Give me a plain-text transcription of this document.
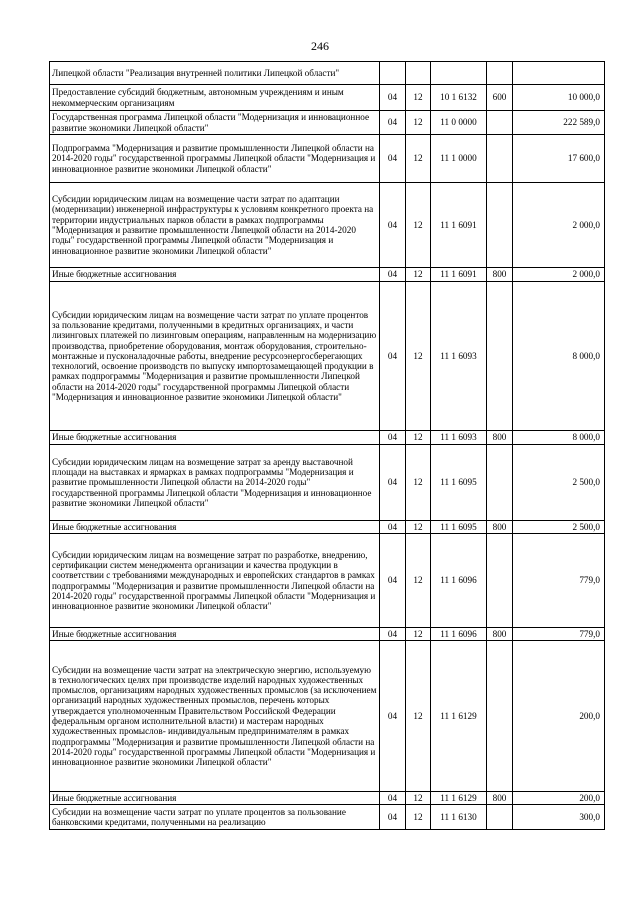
246
Липецкой области "Реализация внутренней политики Липецкой области"					
Предоставление субсидий бюджетным, автономным учреждениям и иным некоммерческим организациям	04	12	10 1 6132	600	10 000,0
Государственная программа Липецкой области "Модернизация и инновационное развитие экономики Липецкой области"	04	12	11 0 0000		222 589,0
Подпрограмма "Модернизация и развитие промышленности Липецкой области на 2014-2020 годы" государственной программы Липецкой области "Модернизация и инновационное развитие экономики Липецкой области"	04	12	11 1 0000		17 600,0
Субсидии юридическим лицам на возмещение части затрат по адаптации (модернизации) инженерной инфраструктуры к условиям конкретного проекта на территории индустриальных парков области в рамках подпрограммы "Модернизация и развитие промышленности Липецкой области на 2014-2020 годы" государственной программы Липецкой области "Модернизация и инновационное развитие экономики Липецкой области"	04	12	11 1 6091		2 000,0
Иные бюджетные ассигнования	04	12	11 1 6091	800	2 000,0
Субсидии юридическим лицам на возмещение части затрат по уплате процентов за пользование кредитами, полученными в кредитных организациях, и части лизинговых платежей по лизинговым операциям, направленным на модернизацию производства, приобретение оборудования, монтаж оборудования, строительно-монтажные и пусконаладочные работы, внедрение ресурсоэнергосберегающих технологий, освоение производств по выпуску импортозамещающей продукции в рамках подпрограммы "Модернизация и развитие промышленности Липецкой области на 2014-2020 годы" государственной программы Липецкой области "Модернизация и инновационное развитие экономики Липецкой области"	04	12	11 1 6093		8 000,0
Иные бюджетные ассигнования	04	12	11 1 6093	800	8 000,0
Субсидии юридическим лицам на возмещение затрат за аренду выставочной площади на выставках и ярмарках в рамках подпрограммы "Модернизация и развитие промышленности Липецкой области на 2014-2020 годы" государственной программы Липецкой области "Модернизация и инновационное развитие экономики Липецкой области"	04	12	11 1 6095		2 500,0
Иные бюджетные ассигнования	04	12	11 1 6095	800	2 500,0
Субсидии юридическим лицам на возмещение затрат по разработке, внедрению, сертификации систем менеджмента организации и качества продукции в соответствии с требованиями международных и европейских стандартов в рамках подпрограммы "Модернизация и развитие промышленности Липецкой области на 2014-2020 годы" государственной программы Липецкой области "Модернизация и инновационное развитие экономики Липецкой области"	04	12	11 1 6096		779,0
Иные бюджетные ассигнования	04	12	11 1 6096	800	779,0
Субсидии на возмещение части затрат на электрическую энергию, используемую в технологических целях при производстве изделий народных художественных промыслов, организациям народных художественных промыслов (за исключением организаций народных художественных промыслов, перечень которых утверждается уполномоченным Правительством Российской Федерации федеральным органом исполнительной власти) и мастерам народных художественных промыслов- индивидуальным предпринимателям в рамках подпрограммы "Модернизация и развитие промышленности Липецкой области на 2014-2020 годы" государственной программы Липецкой области "Модернизация и инновационное развитие экономики Липецкой области"	04	12	11 1 6129		200,0
Иные бюджетные ассигнования	04	12	11 1 6129	800	200,0
Субсидии на возмещение части затрат по уплате процентов за пользование банковскими кредитами, полученными на реализацию	04	12	11 1 6130		300,0
